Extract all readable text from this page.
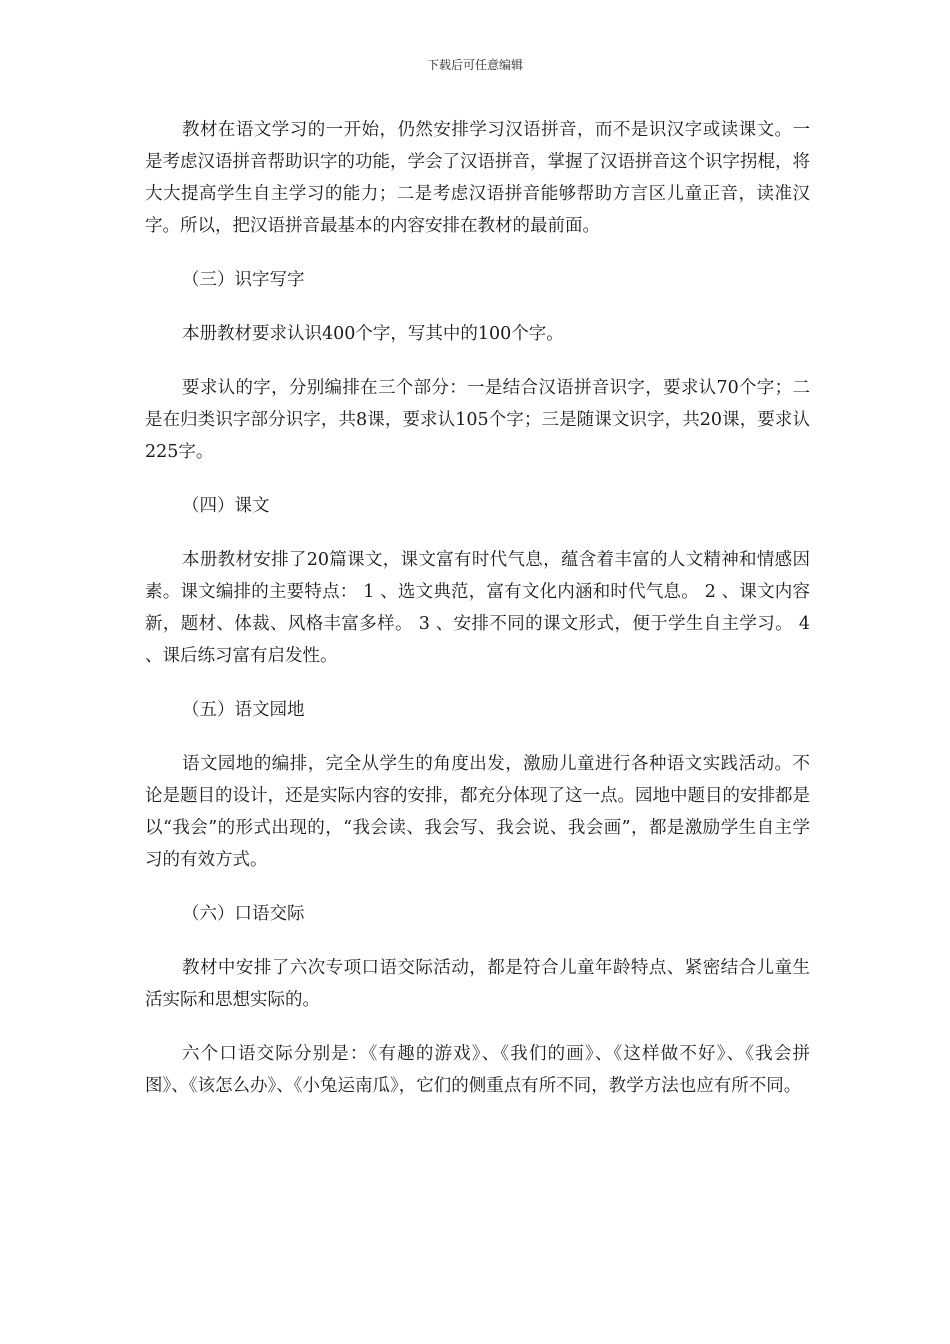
下载后可任意编辑

教材在语文学习的一开始，仍然安排学习汉语拼音，而不是识汉字或读课文。一是考虑汉语拼音帮助识字的功能，学会了汉语拼音，掌握了汉语拼音这个识字拐棍，将大大提高学生自主学习的能力；二是考虑汉语拼音能够帮助方言区儿童正音，读准汉字。所以，把汉语拼音最基本的内容安排在教材的最前面。

（三）识字写字

本册教材要求认识400个字，写其中的100个字。

要求认的字，分别编排在三个部分：一是结合汉语拼音识字，要求认70个字；二是在归类识字部分识字，共8课，要求认105个字；三是随课文识字，共20课，要求认225字。

（四）课文

本册教材安排了20篇课文，课文富有时代气息，蕴含着丰富的人文精神和情感因素。课文编排的主要特点： 1 、选文典范，富有文化内涵和时代气息。 2 、课文内容新，题材、体裁、风格丰富多样。 3 、安排不同的课文形式，便于学生自主学习。 4 、课后练习富有启发性。

（五）语文园地

语文园地的编排，完全从学生的角度出发，激励儿童进行各种语文实践活动。不论是题目的设计，还是实际内容的安排，都充分体现了这一点。园地中题目的安排都是以“我会”的形式出现的，“我会读、我会写、我会说、我会画”，都是激励学生自主学习的有效方式。

（六）口语交际

教材中安排了六次专项口语交际活动，都是符合儿童年龄特点、紧密结合儿童生活实际和思想实际的。

六个口语交际分别是：《有趣的游戏》、《我们的画》、《这样做不好》、《我会拼图》、《该怎么办》、《小兔运南瓜》，它们的侧重点有所不同，教学方法也应有所不同。
